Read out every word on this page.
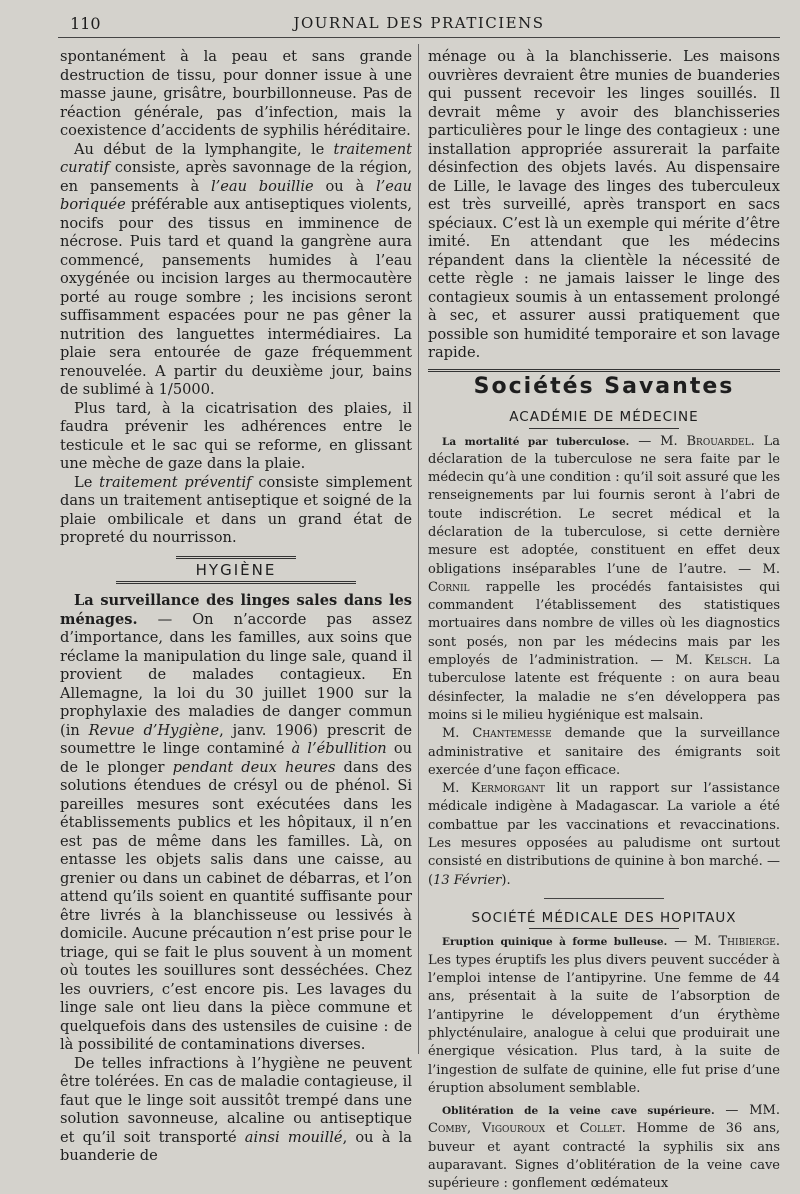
110	JOURNAL DES PRATICIENS

spontanément à la peau et sans grande destruction de tissu, pour donner issue à une masse jaune, grisâtre, bourbillonneuse. Pas de réaction générale, pas d’infection, mais la coexistence d’accidents de syphilis héréditaire.

Au début de la lymphangite, le traitement curatif consiste, après savonnage de la région, en pansements à l’eau bouillie ou à l’eau boriquée préférable aux antiseptiques violents, nocifs pour des tissus en imminence de nécrose. Puis tard et quand la gangrène aura commencé, pansements humides à l’eau oxygénée ou incision larges au thermocautère porté au rouge sombre ; les incisions seront suffisamment espacées pour ne pas gêner la nutrition des languettes intermédiaires. La plaie sera entourée de gaze fréquemment renouvelée. A partir du deuxième jour, bains de sublimé à 1/5000.

Plus tard, à la cicatrisation des plaies, il faudra prévenir les adhérences entre le testicule et le sac qui se reforme, en glissant une mèche de gaze dans la plaie.

Le traitement préventif consiste simplement dans un traitement antiseptique et soigné de la plaie ombilicale et dans un grand état de propreté du nourrisson.

HYGIÈNE

La surveillance des linges sales dans les ménages. — On n’accorde pas assez d’importance, dans les familles, aux soins que réclame la manipulation du linge sale, quand il provient de malades contagieux. En Allemagne, la loi du 30 juillet 1900 sur la prophylaxie des maladies de danger commun (in Revue d’Hygiène, janv. 1906) prescrit de soumettre le linge contaminé à l’ébullition ou de le plonger pendant deux heures dans des solutions étendues de crésyl ou de phénol. Si pareilles mesures sont exécutées dans les établissements publics et les hôpitaux, il n’en est pas de même dans les familles. Là, on entasse les objets salis dans une caisse, au grenier ou dans un cabinet de débarras, et l’on attend qu’ils soient en quantité suffisante pour être livrés à la blanchisseuse ou lessivés à domicile. Aucune précaution n’est prise pour le triage, qui se fait le plus souvent à un moment où toutes les souillures sont desséchées. Chez les ouvriers, c’est encore pis. Les lavages du linge sale ont lieu dans la pièce commune et quelquefois dans des ustensiles de cuisine : de là possibilité de contaminations diverses.

De telles infractions à l’hygiène ne peuvent être tolérées. En cas de maladie contagieuse, il faut que le linge soit aussitôt trempé dans une solution savonneuse, alcaline ou antiseptique et qu’il soit transporté ainsi mouillé, ou à la buanderie de

ménage ou à la blanchisserie. Les maisons ouvrières devraient être munies de buanderies qui pussent recevoir les linges souillés. Il devrait même y avoir des blanchisseries particulières pour le linge des contagieux : une installation appropriée assurerait la parfaite désinfection des objets lavés. Au dispensaire de Lille, le lavage des linges des tuberculeux est très surveillé, après transport en sacs spéciaux. C’est là un exemple qui mérite d’être imité. En attendant que les médecins répandent dans la clientèle la nécessité de cette règle : ne jamais laisser le linge des contagieux soumis à un entassement prolongé à sec, et assurer aussi pratiquement que possible son humidité temporaire et son lavage rapide.

Sociétés Savantes
ACADÉMIE DE MÉDECINE

La mortalité par tuberculose. — M. Brouardel. La déclaration de la tuberculose ne sera faite par le médecin qu’à une condition : qu’il soit assuré que les renseignements par lui fournis seront à l’abri de toute indiscrétion. Le secret médical et la déclaration de la tuberculose, si cette dernière mesure est adoptée, constituent en effet deux obligations inséparables l’une de l’autre. — M. Cornil rappelle les procédés fantaisistes qui commandent l’établissement des statistiques mortuaires dans nombre de villes où les diagnostics sont posés, non par les médecins mais par les employés de l’administration. — M. Kelsch. La tuberculose latente est fréquente : on aura beau désinfecter, la maladie ne s’en développera pas moins si le milieu hygiénique est malsain.

M. Chantemesse demande que la surveillance administrative et sanitaire des émigrants soit exercée d’une façon efficace.

M. Kermorgant lit un rapport sur l’assistance médicale indigène à Madagascar. La variole a été combattue par les vaccinations et revaccinations. Les mesures opposées au paludisme ont surtout consisté en distributions de quinine à bon marché. — (13 Février).

SOCIÉTÉ MÉDICALE DES HOPITAUX

Eruption quinique à forme bulleuse. — M. Thibierge. Les types éruptifs les plus divers peuvent succéder à l’emploi intense de l’antipyrine. Une femme de 44 ans, présentait à la suite de l’absorption de l’antipyrine le développement d’un érythème phlycténulaire, analogue à celui que produirait une énergique vésication. Plus tard, à la suite de l’ingestion de sulfate de quinine, elle fut prise d’une éruption absolument semblable.

Oblitération de la veine cave supérieure. — MM. Comby, Vigouroux et Collet. Homme de 36 ans, buveur et ayant contracté la syphilis six ans auparavant. Signes d’oblitération de la veine cave supérieure : gonflement œdémateux
